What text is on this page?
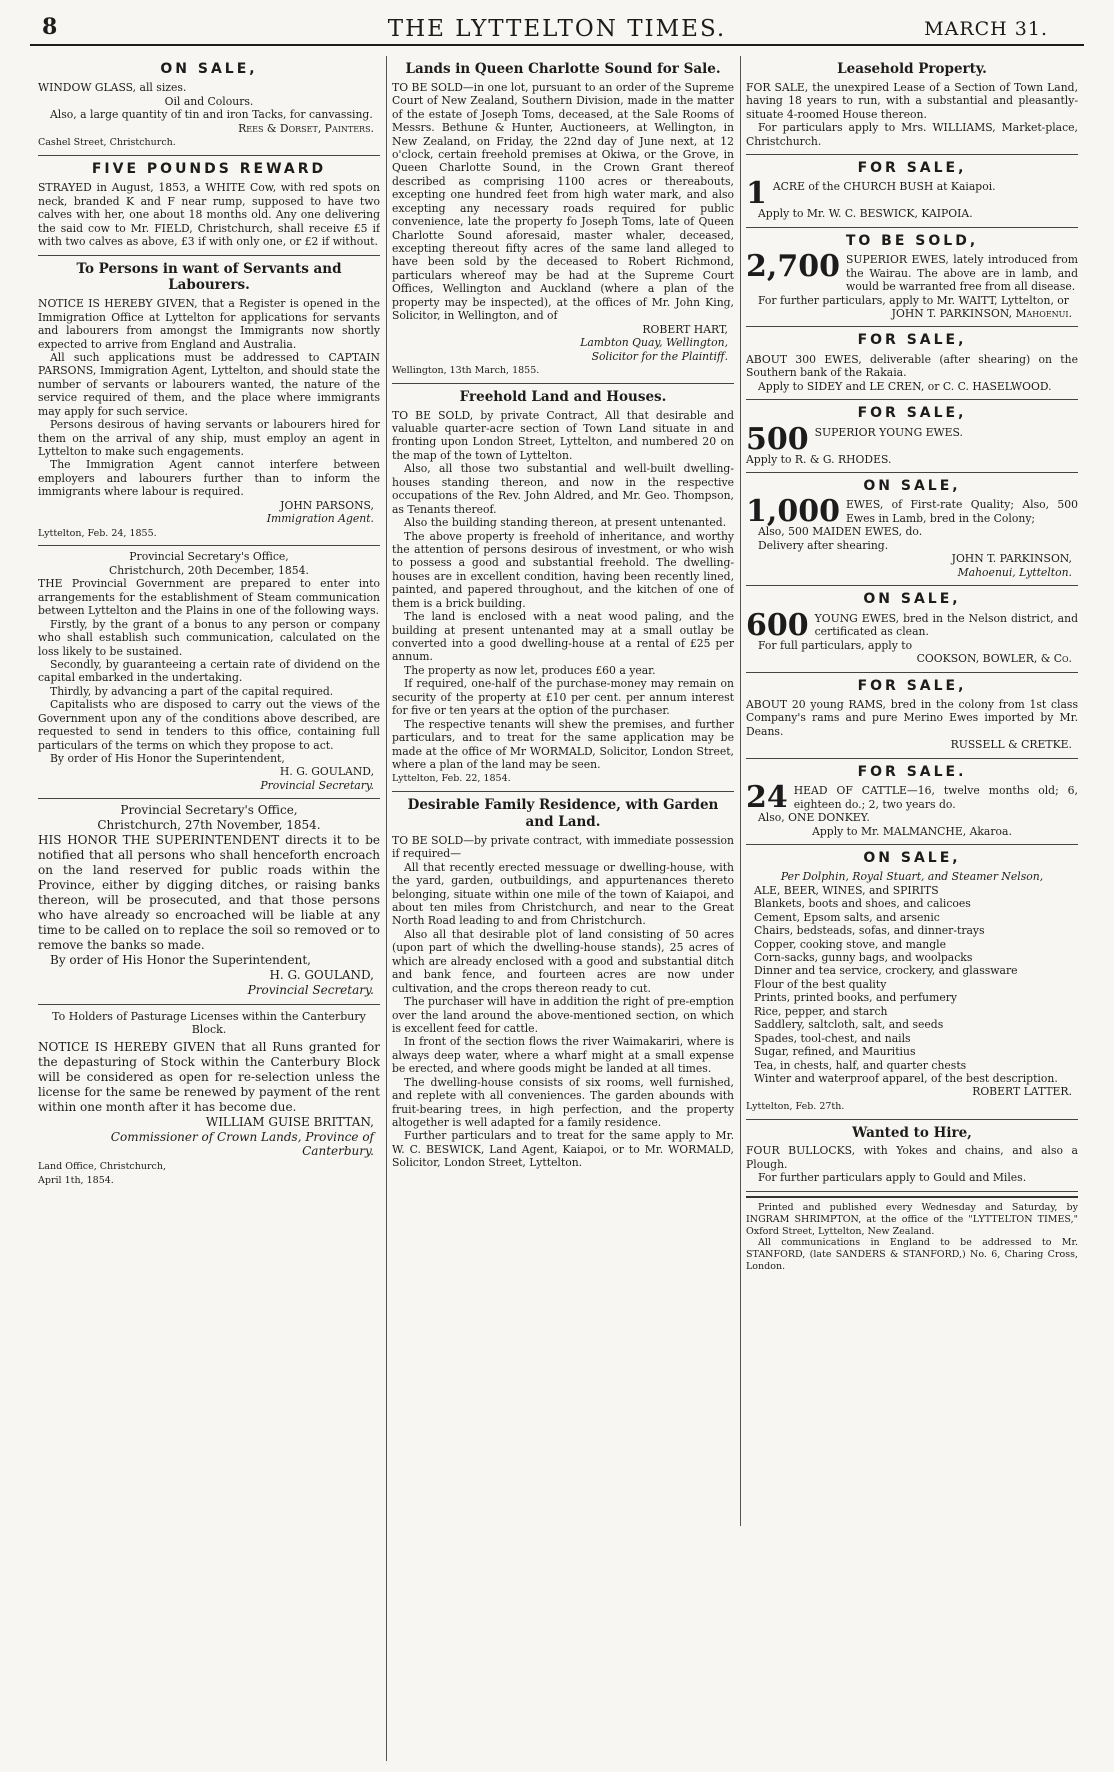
8	THE LYTTELTON TIMES.	MARCH 31.
ON SALE,

WINDOW GLASS, all sizes.

Oil and Colours.

Also, a large quantity of tin and iron Tacks, for canvassing.

Rees & Dorset, Painters.

Cashel Street, Christchurch.

FIVE POUNDS REWARD

STRAYED in August, 1853, a WHITE Cow, with red spots on neck, branded K and F near rump, supposed to have two calves with her, one about 18 months old. Any one delivering the said cow to Mr. FIELD, Christchurch, shall receive £5 if with two calves as above, £3 if with only one, or £2 if without.

To Persons in want of Servants and Labourers.

NOTICE IS HEREBY GIVEN, that a Register is opened in the Immigration Office at Lyttelton for applications for servants and labourers from amongst the Immigrants now shortly expected to arrive from England and Australia.

All such applications must be addressed to CAPTAIN PARSONS, Immigration Agent, Lyttelton, and should state the number of servants or labourers wanted, the nature of the service required of them, and the place where immigrants may apply for such service.

Persons desirous of having servants or labourers hired for them on the arrival of any ship, must employ an agent in Lyttelton to make such engagements.

The Immigration Agent cannot interfere between employers and labourers further than to inform the immigrants where labour is required.

JOHN PARSONS,
Immigration Agent.

Lyttelton, Feb. 24, 1855.

Provincial Secretary's Office,

Christchurch, 20th December, 1854.

THE Provincial Government are prepared to enter into arrangements for the establishment of Steam communication between Lyttelton and the Plains in one of the following ways.

Firstly, by the grant of a bonus to any person or company who shall establish such communication, calculated on the loss likely to be sustained.

Secondly, by guaranteeing a certain rate of dividend on the capital embarked in the undertaking.

Thirdly, by advancing a part of the capital required.

Capitalists who are disposed to carry out the views of the Government upon any of the conditions above described, are requested to send in tenders to this office, containing full particulars of the terms on which they propose to act.

By order of His Honor the Superintendent,

H. G. GOULAND,
Provincial Secretary.

Provincial Secretary's Office,

Christchurch, 27th November, 1854.

HIS HONOR THE SUPERINTENDENT directs it to be notified that all persons who shall henceforth encroach on the land reserved for public roads within the Province, either by digging ditches, or raising banks thereon, will be prosecuted, and that those persons who have already so encroached will be liable at any time to be called on to replace the soil so removed or to remove the banks so made.

By order of His Honor the Superintendent,

H. G. GOULAND,
Provincial Secretary.
To Holders of Pasturage Licenses within the Canterbury Block.

NOTICE IS HEREBY GIVEN that all Runs granted for the depasturing of Stock within the Canterbury Block will be considered as open for re-selection unless the license for the same be renewed by payment of the rent within one month after it has become due.

WILLIAM GUISE BRITTAN,
Commissioner of Crown Lands, Province of Canterbury.

Land Office, Christchurch,

April 1th, 1854.

Lands in Queen Charlotte Sound for Sale.

TO BE SOLD—in one lot, pursuant to an order of the Supreme Court of New Zealand, Southern Division, made in the matter of the estate of Joseph Toms, deceased, at the Sale Rooms of Messrs. Bethune & Hunter, Auctioneers, at Wellington, in New Zealand, on Friday, the 22nd day of June next, at 12 o'clock, certain freehold premises at Okiwa, or the Grove, in Queen Charlotte Sound, in the Crown Grant thereof described as comprising 1100 acres or thereabouts, excepting one hundred feet from high water mark, and also excepting any necessary roads required for public convenience, late the property fo Joseph Toms, late of Queen Charlotte Sound aforesaid, master whaler, deceased, excepting thereout fifty acres of the same land alleged to have been sold by the deceased to Robert Richmond, particulars whereof may be had at the Supreme Court Offices, Wellington and Auckland (where a plan of the property may be inspected), at the offices of Mr. John King, Solicitor, in Wellington, and of

ROBERT HART,
Lambton Quay, Wellington,
Solicitor for the Plaintiff.

Wellington, 13th March, 1855.

Freehold Land and Houses.

TO BE SOLD, by private Contract, All that desirable and valuable quarter-acre section of Town Land situate in and fronting upon London Street, Lyttelton, and numbered 20 on the map of the town of Lyttelton.

Also, all those two substantial and well-built dwelling-houses standing thereon, and now in the respective occupations of the Rev. John Aldred, and Mr. Geo. Thompson, as Tenants thereof.

Also the building standing thereon, at present untenanted.

The above property is freehold of inheritance, and worthy the attention of persons desirous of investment, or who wish to possess a good and substantial freehold. The dwelling-houses are in excellent condition, having been recently lined, painted, and papered throughout, and the kitchen of one of them is a brick building.

The land is enclosed with a neat wood paling, and the building at present untenanted may at a small outlay be converted into a good dwelling-house at a rental of £25 per annum.

The property as now let, produces £60 a year.

If required, one-half of the purchase-money may remain on security of the property at £10 per cent. per annum interest for five or ten years at the option of the purchaser.

The respective tenants will shew the premises, and further particulars, and to treat for the same application may be made at the office of Mr WORMALD, Solicitor, London Street, where a plan of the land may be seen.

Lyttelton, Feb. 22, 1854.

Desirable Family Residence, with Garden and Land.

TO BE SOLD—by private contract, with immediate possession if required—

All that recently erected messuage or dwelling-house, with the yard, garden, outbuildings, and appurtenances thereto belonging, situate within one mile of the town of Kaiapoi, and about ten miles from Christchurch, and near to the Great North Road leading to and from Christchurch.

Also all that desirable plot of land consisting of 50 acres (upon part of which the dwelling-house stands), 25 acres of which are already enclosed with a good and substantial ditch and bank fence, and fourteen acres are now under cultivation, and the crops thereon ready to cut.

The purchaser will have in addition the right of pre-emption over the land around the above-mentioned section, on which is excellent feed for cattle.

In front of the section flows the river Waimakariri, where is always deep water, where a wharf might at a small expense be erected, and where goods might be landed at all times.

The dwelling-house consists of six rooms, well furnished, and replete with all conveniences. The garden abounds with fruit-bearing trees, in high perfection, and the property altogether is well adapted for a family residence.

Further particulars and to treat for the same apply to Mr. W. C. BESWICK, Land Agent, Kaiapoi, or to Mr. WORMALD, Solicitor, London Street, Lyttelton.

Leasehold Property.

FOR SALE, the unexpired Lease of a Section of Town Land, having 18 years to run, with a substantial and pleasantly-situate 4-roomed House thereon.

For particulars apply to Mrs. WILLIAMS, Market-place, Christchurch.

FOR SALE,
1 ACRE of the CHURCH BUSH at Kaiapoi.

Apply to Mr. W. C. BESWICK, KAIPOIA.

TO BE SOLD,
2,700 SUPERIOR EWES, lately introduced from the Wairau. The above are in lamb, and would be warranted free from all disease.

For further particulars, apply to Mr. WAITT, Lyttelton, or

JOHN T. PARKINSON, Mahoenui.
FOR SALE,

ABOUT 300 EWES, deliverable (after shearing) on the Southern bank of the Rakaia.

Apply to SIDEY and LE CREN, or C. C. HASELWOOD.

FOR SALE,
500 SUPERIOR YOUNG EWES.

Apply to R. & G. RHODES.

ON SALE,
1,000 EWES, of First-rate Quality; Also, 500 Ewes in Lamb, bred in the Colony;

Also, 500 MAIDEN EWES, do.

Delivery after shearing.

JOHN T. PARKINSON,
Mahoenui, Lyttelton.
ON SALE,
600 YOUNG EWES, bred in the Nelson district, and certificated as clean.

For full particulars, apply to

COOKSON, BOWLER, & Co.
FOR SALE,

ABOUT 20 young RAMS, bred in the colony from 1st class Company's rams and pure Merino Ewes imported by Mr. Deans.

RUSSELL & CRETKE.
FOR SALE.
24 HEAD OF CATTLE—16, twelve months old; 6, eighteen do.; 2, two years do.

Also, ONE DONKEY.

Apply to Mr. MALMANCHE, Akaroa.

ON SALE,

Per Dolphin, Royal Stuart, and Steamer Nelson,

ALE, BEER, WINES, and SPIRITS
Blankets, boots and shoes, and calicoes
Cement, Epsom salts, and arsenic
Chairs, bedsteads, sofas, and dinner-trays
Copper, cooking stove, and mangle
Corn-sacks, gunny bags, and woolpacks
Dinner and tea service, crockery, and glassware
Flour of the best quality
Prints, printed books, and perfumery
Rice, pepper, and starch
Saddlery, saltcloth, salt, and seeds
Spades, tool-chest, and nails
Sugar, refined, and Mauritius
Tea, in chests, half, and quarter chests
Winter and waterproof apparel, of the best description.
ROBERT LATTER.

Lyttelton, Feb. 27th.

Wanted to Hire,

FOUR BULLOCKS, with Yokes and chains, and also a Plough.

For further particulars apply to Gould and Miles.

Printed and published every Wednesday and Saturday, by INGRAM SHRIMPTON, at the office of the "LYTTELTON TIMES," Oxford Street, Lyttelton, New Zealand.

All communications in England to be addressed to Mr. STANFORD, (late SANDERS & STANFORD,) No. 6, Charing Cross, London.
